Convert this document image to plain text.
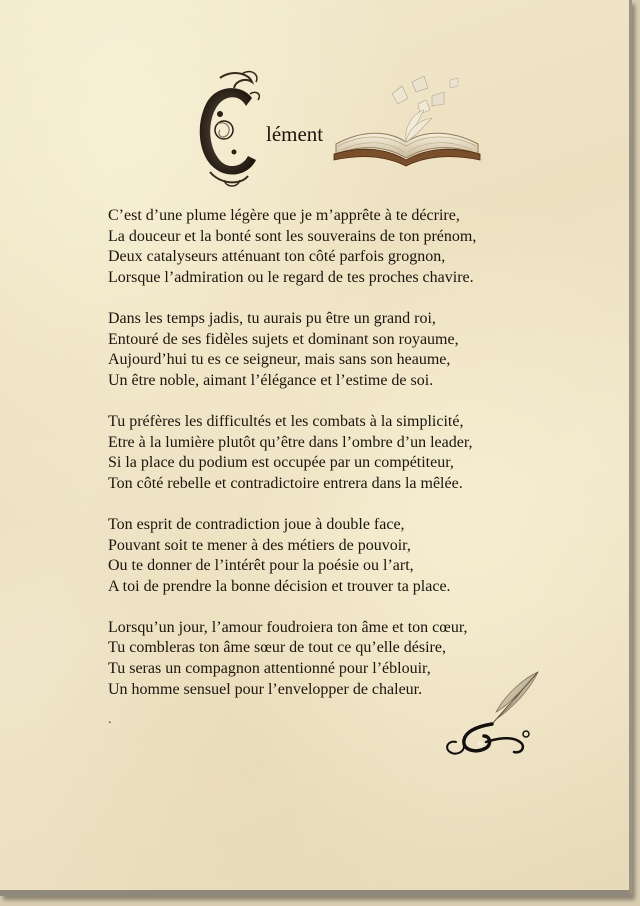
lément
C’est d’une plume légère que je m’apprête à te décrire,
La douceur et la bonté sont les souverains de ton prénom,
Deux catalyseurs atténuant ton côté parfois grognon,
Lorsque l’admiration ou le regard de tes proches chavire.
Dans les temps jadis, tu aurais pu être un grand roi,
Entouré de ses fidèles sujets et dominant son royaume,
Aujourd’hui tu es ce seigneur, mais sans son heaume,
Un être noble, aimant l’élégance et l’estime de soi.
Tu préfères les difficultés et les combats à la simplicité,
Etre à la lumière plutôt qu’être dans l’ombre d’un leader,
Si la place du podium est occupée par un compétiteur,
Ton côté rebelle et contradictoire entrera dans la mêlée.
Ton esprit de contradiction joue à double face,
Pouvant soit te mener à des métiers de pouvoir,
Ou te donner de l’intérêt pour la poésie ou l’art,
A toi de prendre la bonne décision et trouver ta place.
Lorsqu’un jour, l’amour foudroiera ton âme et ton cœur,
Tu combleras ton âme sœur de tout ce qu’elle désire,
Tu seras un compagnon attentionné pour l’éblouir,
Un homme sensuel pour l’envelopper de chaleur.
.
